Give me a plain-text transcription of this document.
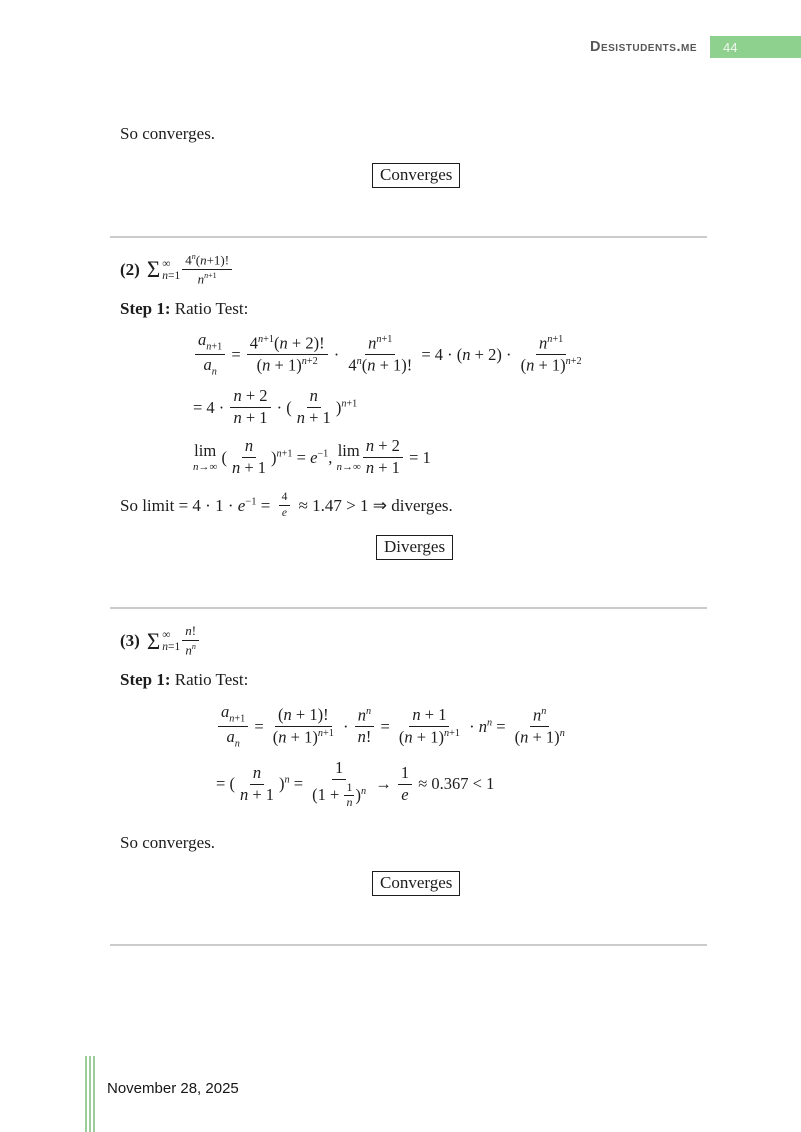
Desistudents.me 44
So converges.
Converges
(2) Σ ∞
$n=1 \frac{4^n(n+1)!}{n^{n+1}}$
Step 1: Ratio Test:
$\frac{a_{n+1}}{a_n} = \frac{4^{n+1}(n + 2)!}{(n + 1)^{n+2}} \cdot \frac{n^{n+1}}{4^n(n + 1)!} = 4 \cdot (n + 2) \cdot \frac{n^{n+1}}{(n + 1)^{n+2}}$
= $4 \cdot \frac{n + 2}{n + 1}$ · ( $\frac{n}{n + 1} )^{n+1}$
lim
n→∞
( $\frac{n}{n + 1} )^{n+1} = e^{-1}$, lim
$n\to\infty \frac{n + 2}{n + 1} = 1$
So limit = $4 \cdot 1 \cdot e^{-1} = \frac{4}{e} \approx 1.47 > 1$ ⇒ diverges.
Diverges
(3) Σ ∞
$n=1 \frac{n!}{n^n}$
Step 1: Ratio Test:
$\frac{a_{n+1}}{a_n} = \frac{(n + 1)!}{(n + 1)^{n+1}} \cdot \frac{n^n}{n!} = \frac{n + 1}{(n + 1)^{n+1}} \cdot n^n = \frac{n^n}{(n + 1)^n}$
= ( $\frac{n}{n + 1} )^n = \frac{1}{(1 + \frac{1}{n} )^n} \to \frac{1}{e} \approx 0.367 < 1$
So converges.
Converges
November 28, 2025
